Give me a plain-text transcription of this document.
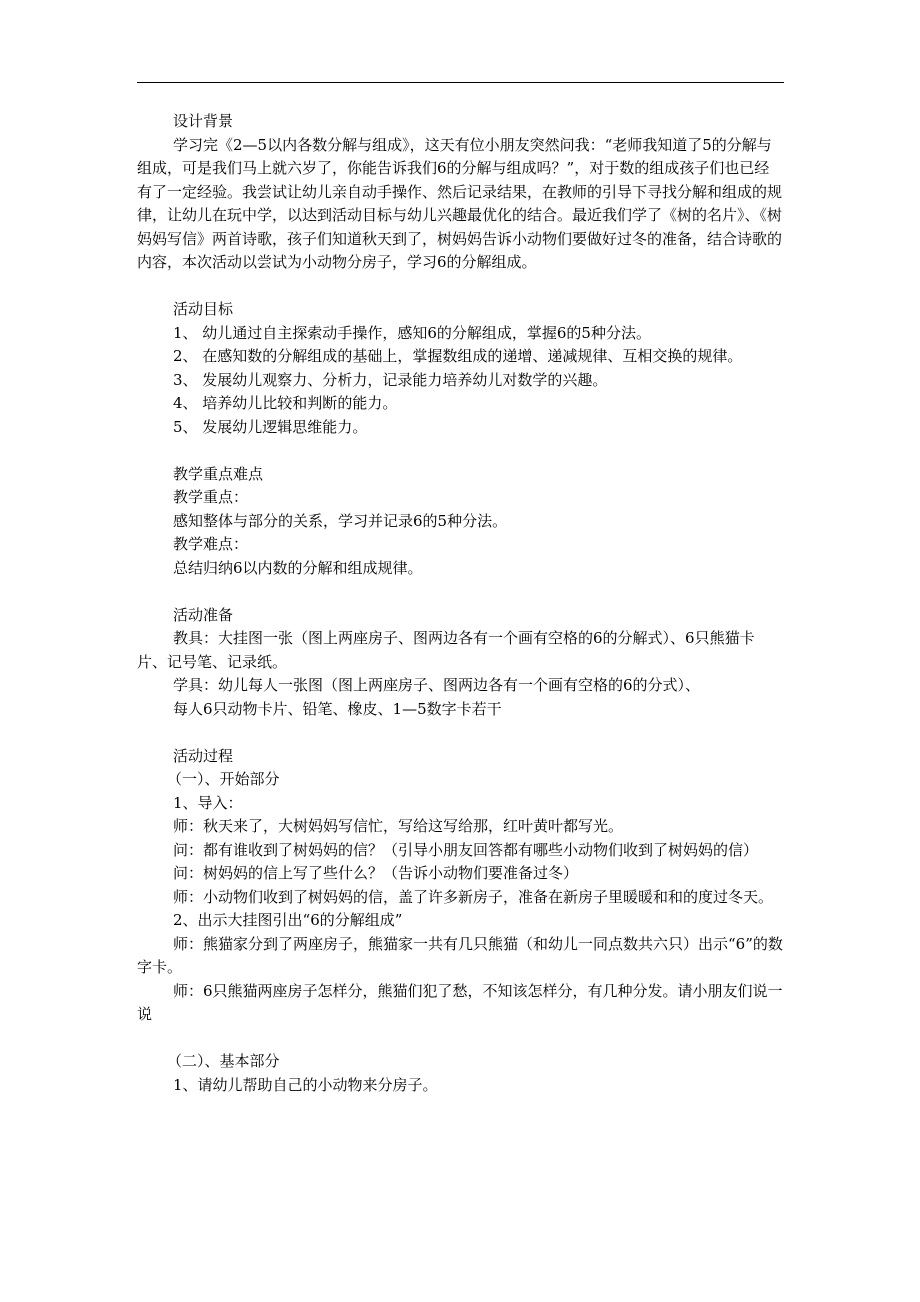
设计背景

学习完《2—5以内各数分解与组成》，这天有位小朋友突然问我：“老师我知道了5的分解与组成，可是我们马上就六岁了，你能告诉我们6的分解与组成吗？”，对于数的组成孩子们也已经有了一定经验。我尝试让幼儿亲自动手操作、然后记录结果，在教师的引导下寻找分解和组成的规律，让幼儿在玩中学，以达到活动目标与幼儿兴趣最优化的结合。最近我们学了《树的名片》、《树妈妈写信》两首诗歌，孩子们知道秋天到了，树妈妈告诉小动物们要做好过冬的准备，结合诗歌的内容，本次活动以尝试为小动物分房子，学习6的分解组成。

活动目标

1、 幼儿通过自主探索动手操作，感知6的分解组成，掌握6的5种分法。

2、 在感知数的分解组成的基础上，掌握数组成的递增、递减规律、互相交换的规律。

3、 发展幼儿观察力、分析力，记录能力培养幼儿对数学的兴趣。

4、 培养幼儿比较和判断的能力。

5、 发展幼儿逻辑思维能力。

教学重点难点

教学重点：

感知整体与部分的关系，学习并记录6的5种分法。

教学难点：

总结归纳6以内数的分解和组成规律。

活动准备

教具：大挂图一张（图上两座房子、图两边各有一个画有空格的6的分解式）、6只熊猫卡片、记号笔、记录纸。

学具：幼儿每人一张图（图上两座房子、图两边各有一个画有空格的6的分式）、

每人6只动物卡片、铅笔、橡皮、1—5数字卡若干

活动过程

（一）、开始部分

1、导入：

师：秋天来了，大树妈妈写信忙，写给这写给那，红叶黄叶都写光。

问：都有谁收到了树妈妈的信？（引导小朋友回答都有哪些小动物们收到了树妈妈的信）

问：树妈妈的信上写了些什么？（告诉小动物们要准备过冬）

师：小动物们收到了树妈妈的信，盖了许多新房子，准备在新房子里暖暖和和的度过冬天。

2、出示大挂图引出“6的分解组成”

师：熊猫家分到了两座房子，熊猫家一共有几只熊猫（和幼儿一同点数共六只）出示“6”的数字卡。

师：6只熊猫两座房子怎样分，熊猫们犯了愁，不知该怎样分，有几种分发。请小朋友们说一说

（二）、基本部分

1、请幼儿帮助自己的小动物来分房子。
